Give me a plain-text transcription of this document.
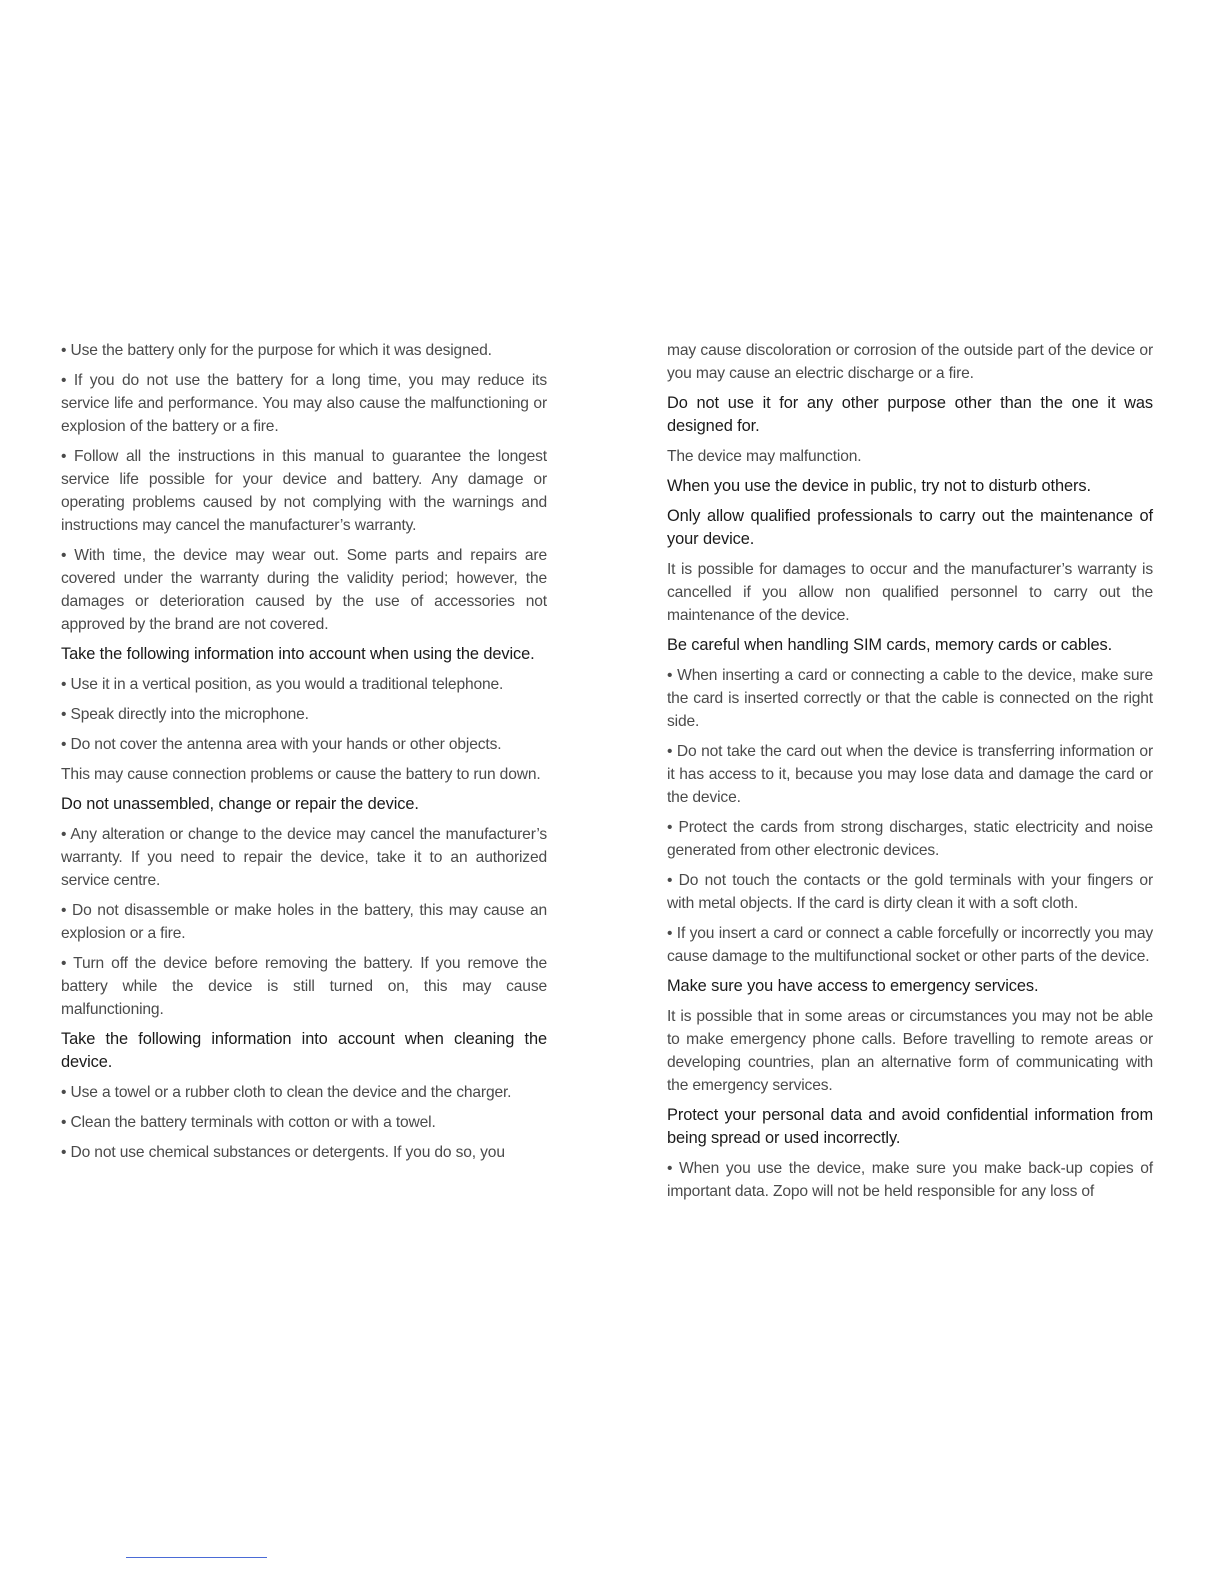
• Use the battery only for the purpose for which it was designed.

• If you do not use the battery for a long time, you may reduce its service life and performance. You may also cause the malfunctioning or explosion of the battery or a fire.

• Follow all the instructions in this manual to guarantee the longest service life possible for your device and battery. Any damage or operating problems caused by not complying with the warnings and instructions may cancel the manufacturer’s warranty.

• With time, the device may wear out. Some parts and repairs are covered under the warranty during the validity period; however, the damages or deterioration caused by the use of accessories not approved by the brand are not covered.

Take the following information into account when using the device.

• Use it in a vertical position, as you would a traditional telephone.

• Speak directly into the microphone.

• Do not cover the antenna area with your hands or other objects.

This may cause connection problems or cause the battery to run down.

Do not unassembled, change or repair the device.

• Any alteration or change to the device may cancel the manufacturer’s warranty. If you need to repair the device, take it to an authorized service centre.

• Do not disassemble or make holes in the battery, this may cause an explosion or a fire.

• Turn off the device before removing the battery. If you remove the battery while the device is still turned on, this may cause malfunctioning.

Take the following information into account when cleaning the device.

• Use a towel or a rubber cloth to clean the device and the charger.

• Clean the battery terminals with cotton or with a towel.

• Do not use chemical substances or detergents. If you do so, you

may cause discoloration or corrosion of the outside part of the device or you may cause an electric discharge or a fire.

Do not use it for any other purpose other than the one it was designed for.

The device may malfunction.

When you use the device in public, try not to disturb others.

Only allow qualified professionals to carry out the maintenance of your device.

It is possible for damages to occur and the manufacturer’s warranty is cancelled if you allow non qualified personnel to carry out the maintenance of the device.

Be careful when handling SIM cards, memory cards or cables.

• When inserting a card or connecting a cable to the device, make sure the card is inserted correctly or that the cable is connected on the right side.

• Do not take the card out when the device is transferring information or it has access to it, because you may lose data and damage the card or the device.

• Protect the cards from strong discharges, static electricity and noise generated from other electronic devices.

• Do not touch the contacts or the gold terminals with your fingers or with metal objects. If the card is dirty clean it with a soft cloth.

• If you insert a card or connect a cable forcefully or incorrectly you may cause damage to the multifunctional socket or other parts of the device.

Make sure you have access to emergency services.

It is possible that in some areas or circumstances you may not be able to make emergency phone calls. Before travelling to remote areas or developing countries, plan an alternative form of communicating with the emergency services.

Protect your personal data and avoid confidential information from being spread or used incorrectly.

• When you use the device, make sure you make back-up copies of important data. Zopo will not be held responsible for any loss of
